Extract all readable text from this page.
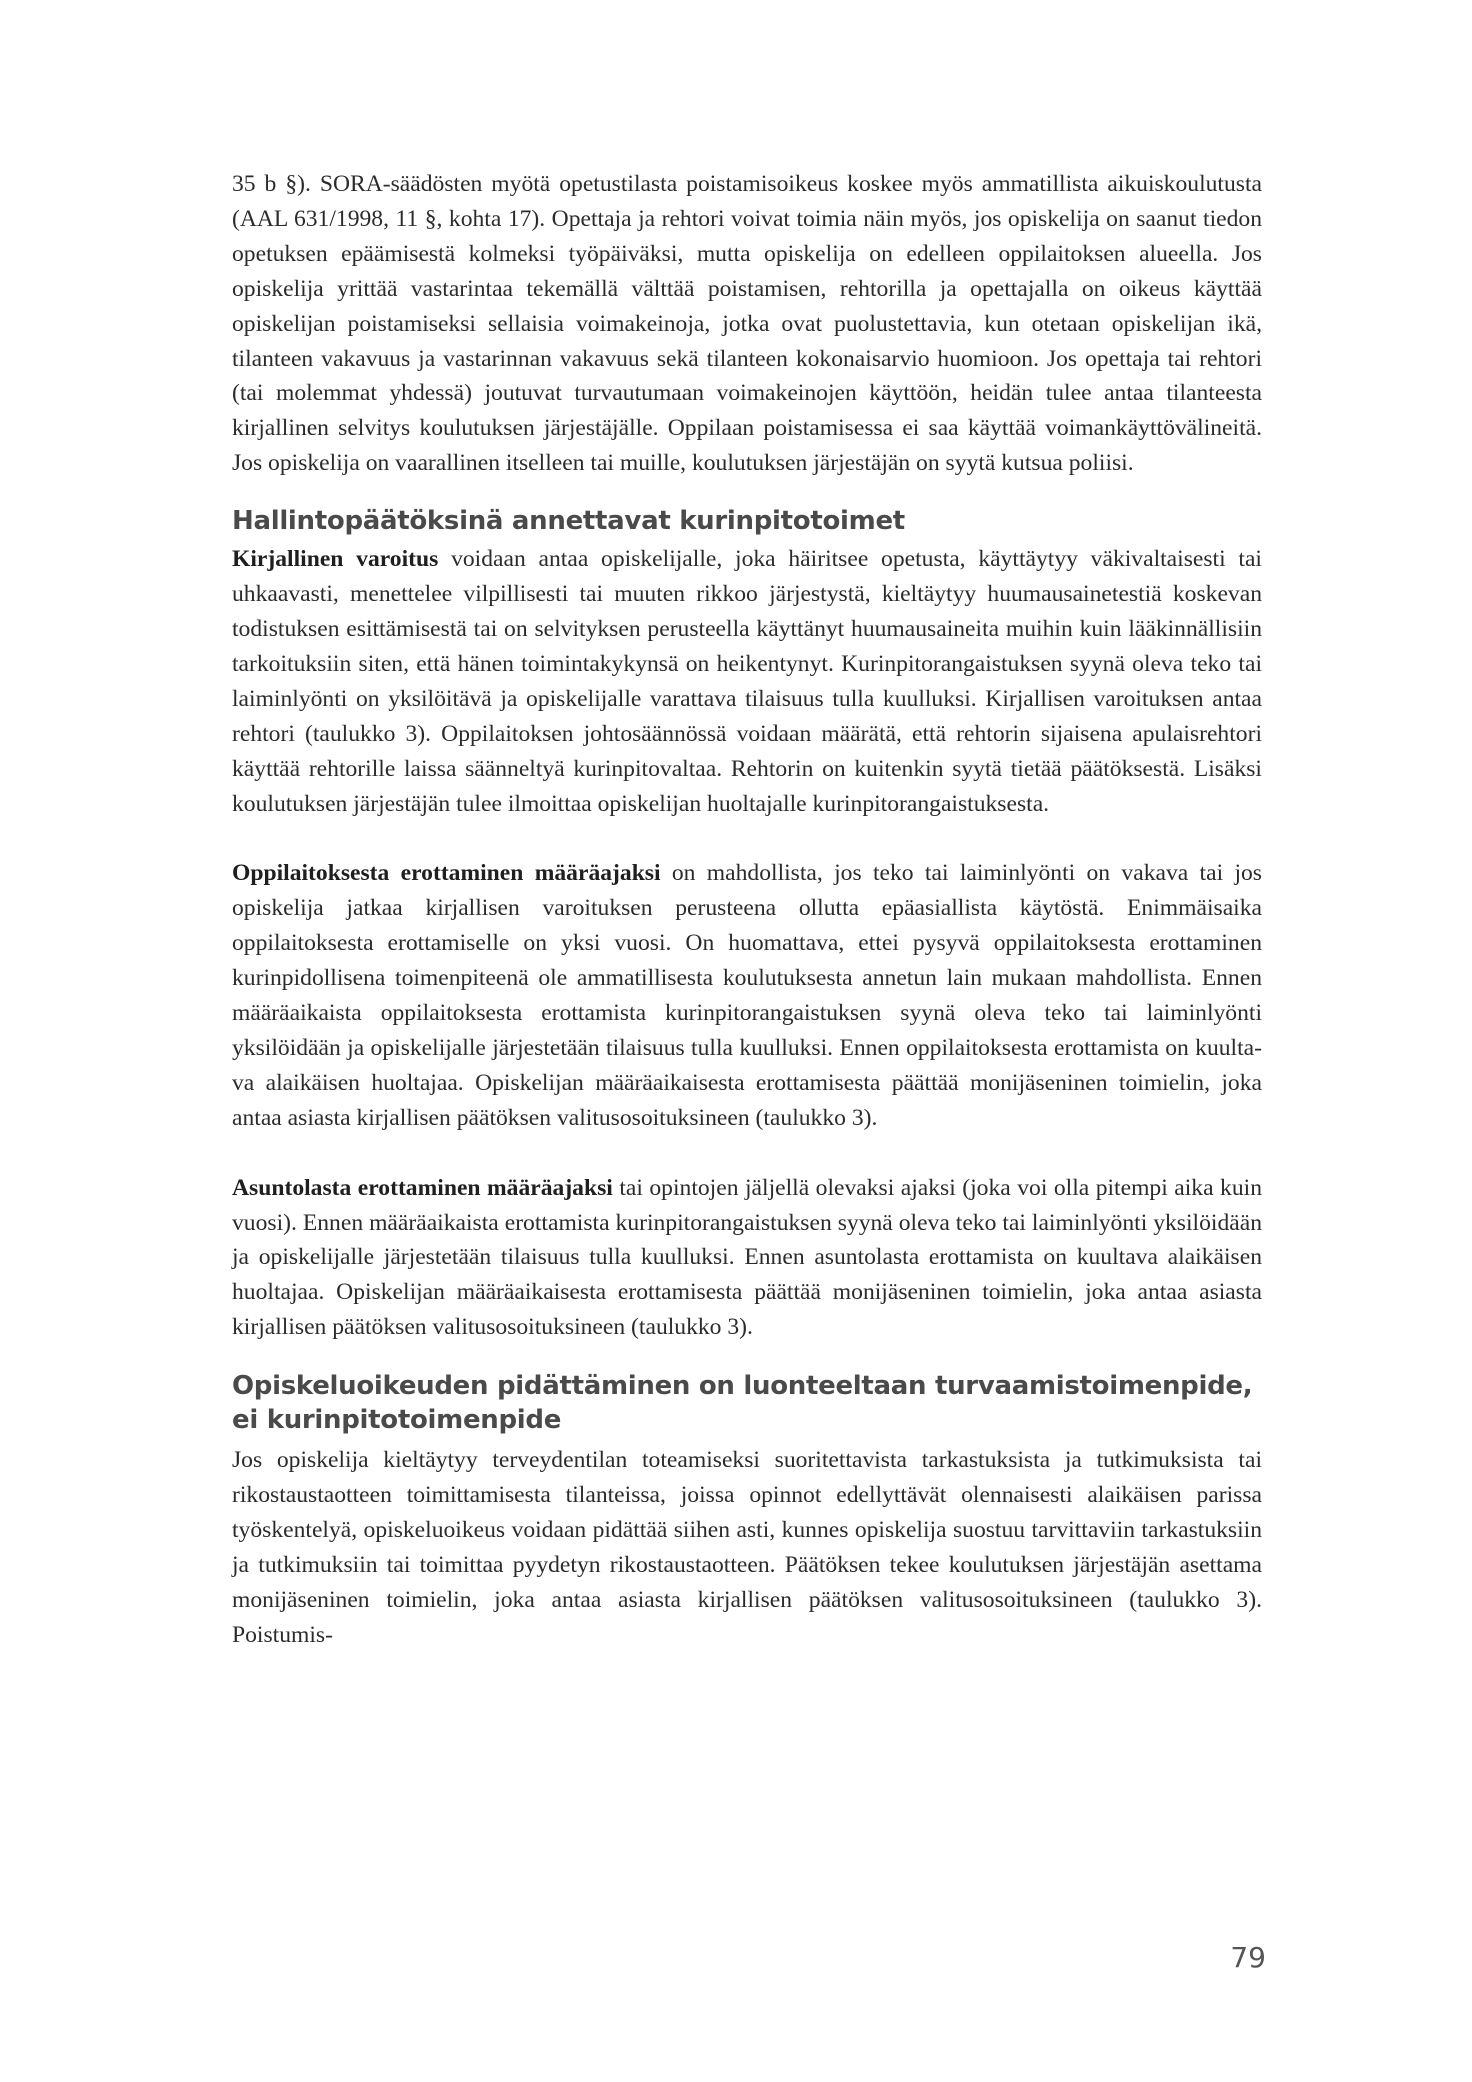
35 b §). SORA-säädösten myötä opetustilasta poistamisoikeus koskee myös ammatillista aikuiskoulutusta (AAL 631/1998, 11 §, kohta 17). Opettaja ja rehtori voivat toimia näin myös, jos opiskelija on saanut tiedon opetuksen epäämisestä kolmeksi työpäiväksi, mutta opiskelija on edelleen oppilaitoksen alueella. Jos opiskelija yrittää vastarintaa tekemällä välttää poistamisen, rehtorilla ja opettajalla on oikeus käyttää opiskelijan poistamiseksi sellaisia voimakeinoja, jotka ovat puolustettavia, kun otetaan opiskelijan ikä, tilanteen vakavuus ja vastarinnan vakavuus sekä tilanteen kokonaisarvio huomioon. Jos opettaja tai rehtori (tai molemmat yhdessä) joutuvat turvautumaan voimakeinojen käyttöön, heidän tulee antaa tilanteesta kirjallinen selvitys koulutuksen järjestäjälle. Oppilaan poistamisessa ei saa käyttää voimankäyttövälineitä. Jos opiskelija on vaarallinen itselleen tai muille, koulutuksen järjestäjän on syytä kutsua poliisi.

Hallintopäätöksinä annettavat kurinpitotoimet

Kirjallinen varoitus voidaan antaa opiskelijalle, joka häiritsee opetusta, käyttäytyy väkivaltaisesti tai uhkaavasti, menettelee vilpillisesti tai muuten rikkoo järjestystä, kieltäytyy huumausainetestiä koskevan todistuksen esittämisestä tai on selvityksen perusteella käyttänyt huumausaineita muihin kuin lääkinnällisiin tarkoituksiin siten, että hänen toimintakykynsä on heikentynyt. Kurinpitorangaistuksen syynä oleva teko tai laiminlyönti on yksilöitävä ja opiskelijalle varattava tilaisuus tulla kuulluksi. Kirjallisen varoituksen antaa rehtori (taulukko 3). Oppilaitoksen johtosäännössä voidaan määrätä, että rehtorin sijaisena apulaisrehtori käyttää rehtorille laissa säänneltyä kurinpitovaltaa. Rehtorin on kuitenkin syytä tietää päätöksestä. Lisäksi koulutuksen järjestäjän tulee ilmoittaa opiskelijan huoltajalle kurinpitorangaistuksesta.

Oppilaitoksesta erottaminen määräajaksi on mahdollista, jos teko tai laiminlyönti on vakava tai jos opiskelija jatkaa kirjallisen varoituksen perusteena ollutta epäasiallista käytöstä. Enimmäisaika oppilaitoksesta erottamiselle on yksi vuosi. On huomattava, ettei pysyvä oppilaitoksesta erottaminen kurinpidollisena toimenpiteenä ole ammatillisesta koulutuksesta annetun lain mukaan mahdollista. Ennen määräaikaista oppilaitoksesta erottamista kurinpitorangaistuksen syynä oleva teko tai laiminlyönti yksilöidään ja opiskelijalle järjestetään tilaisuus tulla kuulluksi. Ennen oppilaitoksesta erottamista on kuultava alaikäisen huoltajaa. Opiskelijan määräaikaisesta erottamisesta päättää monijäseninen toimielin, joka antaa asiasta kirjallisen päätöksen valitusosoituksineen (taulukko 3).

Asuntolasta erottaminen määräajaksi tai opintojen jäljellä olevaksi ajaksi (joka voi olla pitempi aika kuin vuosi). Ennen määräaikaista erottamista kurinpitorangaistuksen syynä oleva teko tai laiminlyönti yksilöidään ja opiskelijalle järjestetään tilaisuus tulla kuulluksi. Ennen asuntolasta erottamista on kuultava alaikäisen huoltajaa. Opiskelijan määräaikaisesta erottamisesta päättää monijäseninen toimielin, joka antaa asiasta kirjallisen päätöksen valitusosoituksineen (taulukko 3).

Opiskeluoikeuden pidättäminen on luonteeltaan turvaamistoimenpide, ei kurinpitotoimenpide

Jos opiskelija kieltäytyy terveydentilan toteamiseksi suoritettavista tarkastuksista ja tutkimuksista tai rikostaustaotteen toimittamisesta tilanteissa, joissa opinnot edellyttävät olennaisesti alaikäisen parissa työskentelyä, opiskeluoikeus voidaan pidättää siihen asti, kunnes opiskelija suostuu tarvittaviin tarkastuksiin ja tutkimuksiin tai toimittaa pyydetyn rikostaustaotteen. Päätöksen tekee koulutuksen järjestäjän asettama monijäseninen toimielin, joka antaa asiasta kirjallisen päätöksen valitusosoituksineen (taulukko 3). Poistumis-

79
